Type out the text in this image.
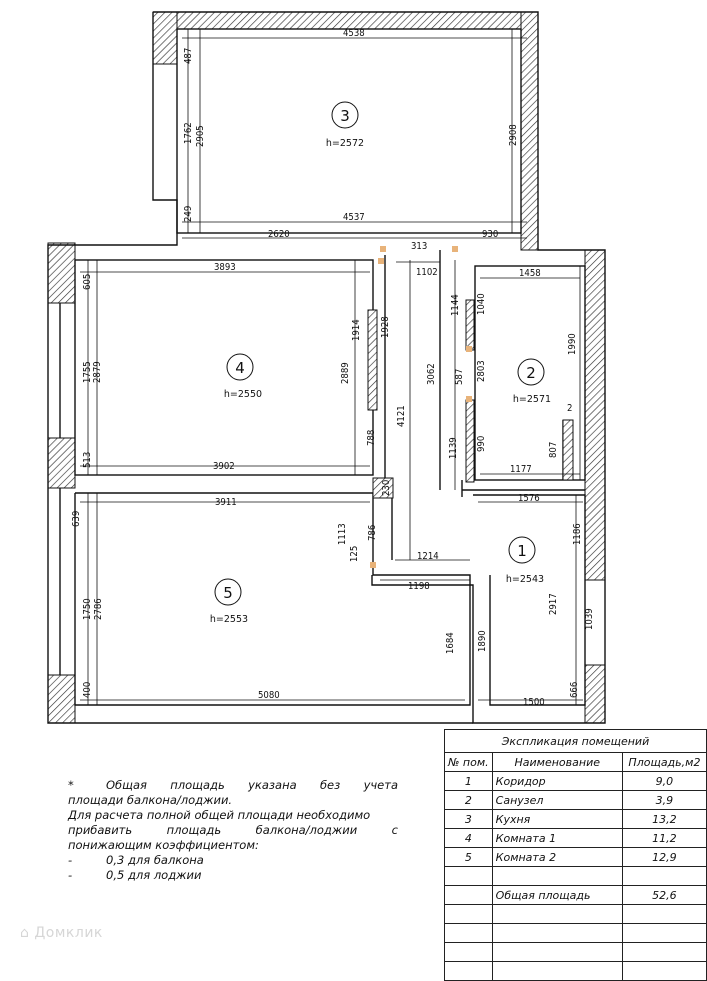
3
h=2572
4
h=2550
2
h=2571
1
h=2543
5
h=2553
4538
4537
2620
313
930
3893	1102	1458
3902	1177
3911	1576
1214
1198
5080
1500
487
1762 2905
249
2908
605
1755 2879
513
1914
2889
1928
788
230
4121
3062
1144 1040
587 2803
1990
2
1139 990	807
639
1750 2786
400
1113 786
125
1684 1890
1186
2917
1039
666
*	Общая площадь указана без учета
площади балкона/лоджии.
Для расчета полной общей площади необходимо
прибавить площадь балкона/лоджии с
понижающим коэффициентом:
-	0,3 для балкона
-	0,5 для лоджии
Экспликация помещений		
№ пом.	Наименование	Площадь,м2
1	Коридор	9,0
2	Санузел	3,9
3	Кухня	13,2
4	Комната 1	11,2
5	Комната 2	12,9

	Общая площадь	52,6

⌂ Домклик
